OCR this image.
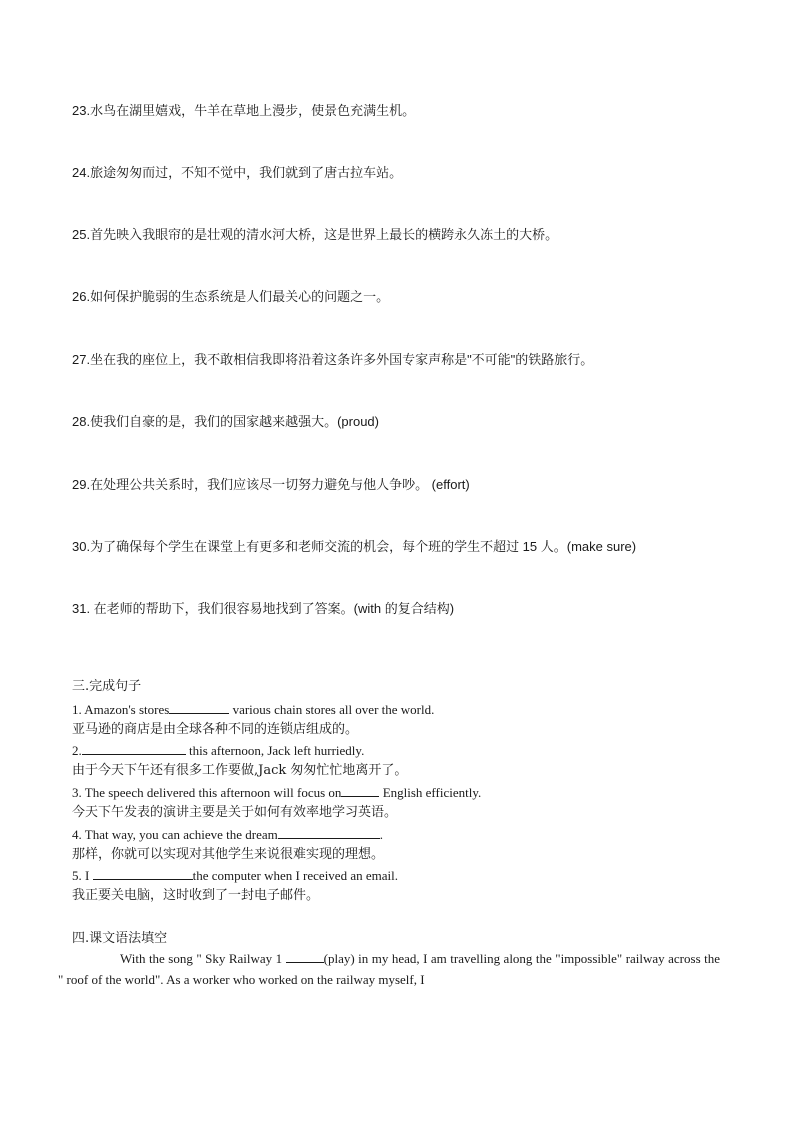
23.水鸟在湖里嬉戏，牛羊在草地上漫步，使景色充满生机。
24.旅途匆匆而过，不知不觉中，我们就到了唐古拉车站。
25.首先映入我眼帘的是壮观的清水河大桥，这是世界上最长的横跨永久冻土的大桥。
26.如何保护脆弱的生态系统是人们最关心的问题之一。
27.坐在我的座位上，我不敢相信我即将沿着这条许多外国专家声称是"不可能"的铁路旅行。
28.使我们自豪的是，我们的国家越来越强大。(proud)
29.在处理公共关系时，我们应该尽一切努力避免与他人争吵。 (effort)
30.为了确保每个学生在课堂上有更多和老师交流的机会，每个班的学生不超过 15 人。(make sure)
31. 在老师的帮助下，我们很容易地找到了答案。(with 的复合结构)
三.完成句子
1. Amazon's stores	various chain stores all over the world.
亚马逊的商店是由全球各种不同的连锁店组成的。
2.	this afternoon, Jack left hurriedly.
由于今天下午还有很多工作要做,Jack 匆匆忙忙地离开了。
3. The speech delivered this afternoon will focus on	English efficiently.
今天下午发表的演讲主要是关于如何有效率地学习英语。
4. That way, you can achieve the dream	.
那样，你就可以实现对其他学生来说很难实现的理想。
5. I	the computer when I received an email.
我正要关电脑，这时收到了一封电子邮件。
四.课文语法填空
With the song " Sky Railway 1	(play) in my head, I am travelling along the "impossible" railway across the " roof of the world". As a worker who worked on the railway myself, I
